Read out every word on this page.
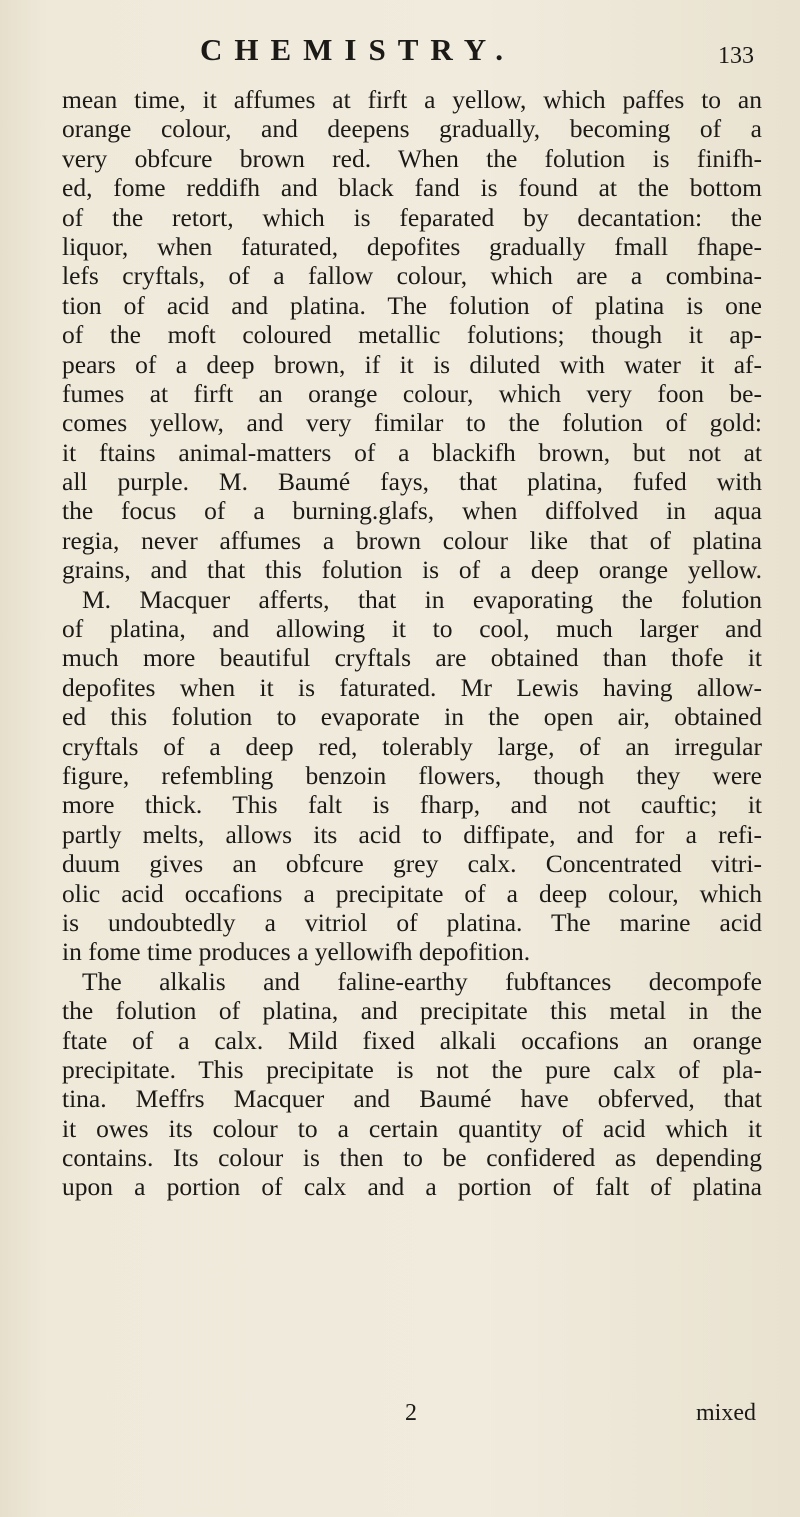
CHEMISTRY.	133
mean time, it affumes at firft a yellow, which paffes to an
orange colour, and deepens gradually, becoming of a
very obfcure brown red. When the folution is finifh-
ed, fome reddifh and black fand is found at the bottom
of the retort, which is feparated by decantation: the
liquor, when faturated, depofites gradually fmall fhape-
lefs cryftals, of a fallow colour, which are a combina-
tion of acid and platina. The folution of platina is one
of the moft coloured metallic folutions; though it ap-
pears of a deep brown, if it is diluted with water it af-
fumes at firft an orange colour, which very foon be-
comes yellow, and very fimilar to the folution of gold:
it ftains animal-matters of a blackifh brown, but not at
all purple. M. Baumé fays, that platina, fufed with
the focus of a burning.glafs, when diffolved in aqua
regia, never affumes a brown colour like that of platina
grains, and that this folution is of a deep orange yellow.
M. Macquer afferts, that in evaporating the folution
of platina, and allowing it to cool, much larger and
much more beautiful cryftals are obtained than thofe it
depofites when it is faturated. Mr Lewis having allow-
ed this folution to evaporate in the open air, obtained
cryftals of a deep red, tolerably large, of an irregular
figure, refembling benzoin flowers, though they were
more thick. This falt is fharp, and not cauftic; it
partly melts, allows its acid to diffipate, and for a refi-
duum gives an obfcure grey calx. Concentrated vitri-
olic acid occafions a precipitate of a deep colour, which
is undoubtedly a vitriol of platina. The marine acid
in fome time produces a yellowifh depofition.
The alkalis and faline-earthy fubftances decompofe
the folution of platina, and precipitate this metal in the
ftate of a calx. Mild fixed alkali occafions an orange
precipitate. This precipitate is not the pure calx of pla-
tina. Meffrs Macquer and Baumé have obferved, that
it owes its colour to a certain quantity of acid which it
contains. Its colour is then to be confidered as depending
upon a portion of calx and a portion of falt of platina
2	mixed
